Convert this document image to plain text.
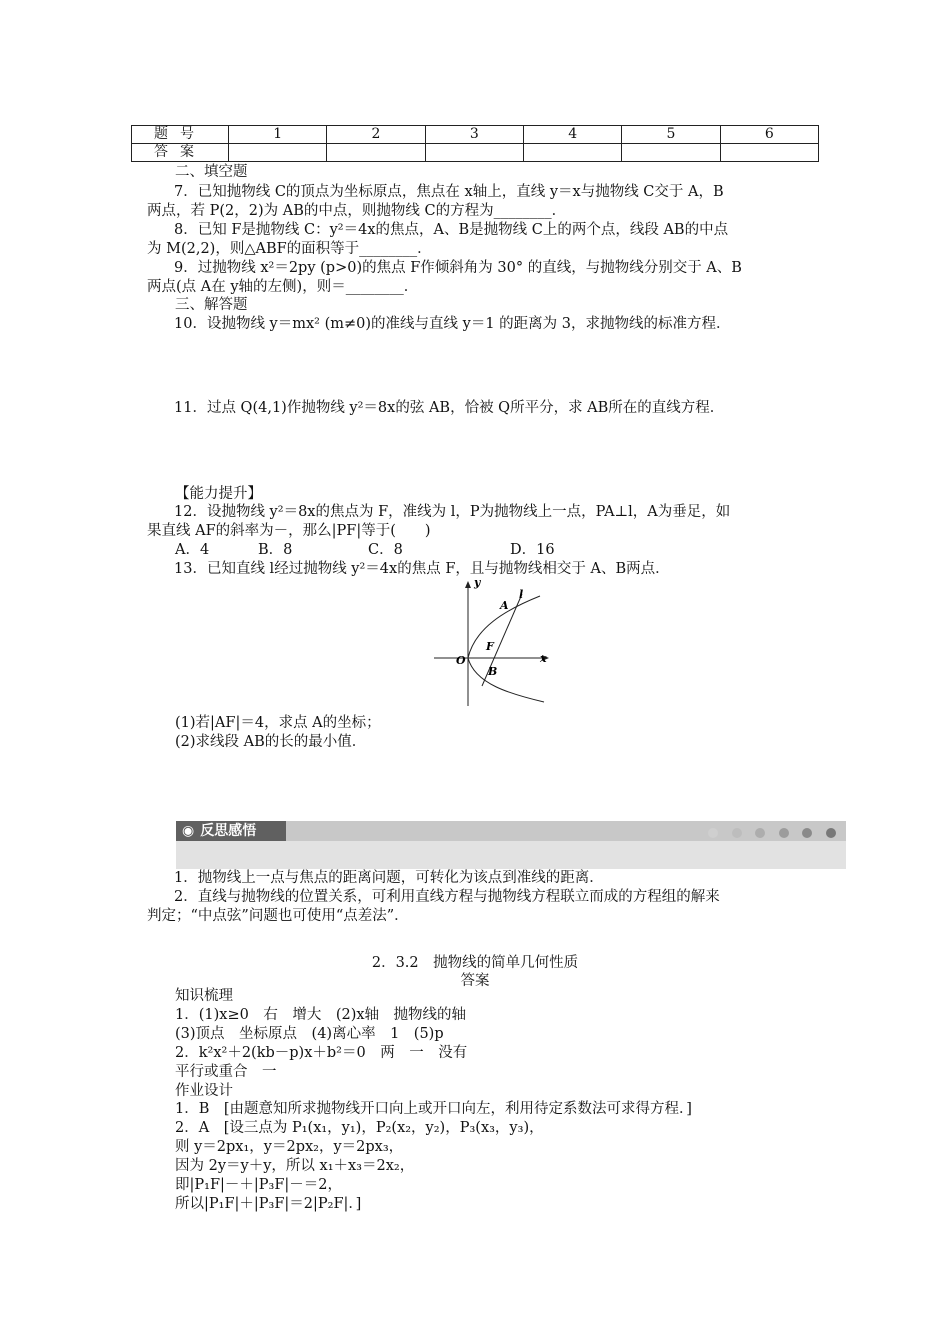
题号	1	2	3	4	5	6
答案						
二、填空题
7．已知抛物线 C的顶点为坐标原点，焦点在 x轴上，直线 y＝x与抛物线 C交于 A，B
两点，若 P(2，2)为 AB的中点，则抛物线 C的方程为________．
8．已知 F是抛物线 C：y²＝4x的焦点，A、B是抛物线 C上的两个点，线段 AB的中点
为 M(2,2)，则△ABF的面积等于________．
9．过抛物线 x²＝2py (p>0)的焦点 F作倾斜角为 30° 的直线，与抛物线分别交于 A、B
两点(点 A在 y轴的左侧)，则＝________．
三、解答题
10．设抛物线 y＝mx² (m≠0)的准线与直线 y＝1 的距离为 3，求抛物线的标准方程．
11．过点 Q(4,1)作抛物线 y²＝8x的弦 AB，恰被 Q所平分，求 AB所在的直线方程．
【能力提升】
12．设抛物线 y²＝8x的焦点为 F，准线为 l，P为抛物线上一点，PA⊥l，A为垂足，如
果直线 AF的斜率为－，那么|PF|等于(　　)
A．4	B．8	C．8	D．16
13．已知直线 l经过抛物线 y²＝4x的焦点 F，且与抛物线相交于 A、B两点．
y
x
O
A
l
F
B
(1)若|AF|＝4，求点 A的坐标；
(2)求线段 AB的长的最小值．
◉ 反思感悟

1．抛物线上一点与焦点的距离问题，可转化为该点到准线的距离．
2．直线与抛物线的位置关系，可利用直线方程与抛物线方程联立而成的方程组的解来
判定；“中点弦”问题也可使用“点差法”．
2．3.2　抛物线的简单几何性质
答案
知识梳理
1．(1)x≥0　右　增大　(2)x轴　抛物线的轴
(3)顶点　坐标原点　(4)离心率　1　(5)p
2．k²x²＋2(kb－p)x＋b²＝0　两　一　没有
平行或重合　一
作业设计
1．B　[由题意知所求抛物线开口向上或开口向左，利用待定系数法可求得方程．]
2．A　[设三点为 P₁(x₁，y₁)，P₂(x₂，y₂)，P₃(x₃，y₃)，
则 y＝2px₁，y＝2px₂，y＝2px₃，
因为 2y＝y＋y，所以 x₁＋x₃＝2x₂，
即|P₁F|－＋|P₃F|－＝2，
所以|P₁F|＋|P₃F|＝2|P₂F|．]
